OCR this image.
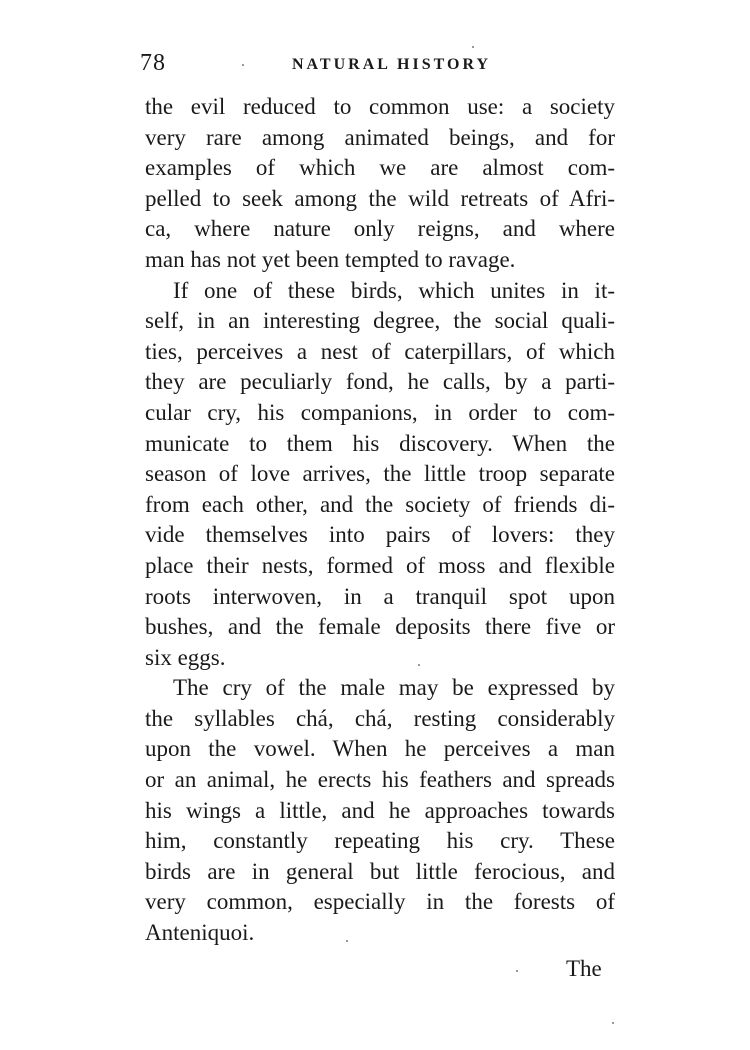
78	NATURAL HISTORY
the evil reduced to common use: a society
very rare among animated beings, and for
examples of which we are almost com-
pelled to seek among the wild retreats of Afri-
ca, where nature only reigns, and where
man has not yet been tempted to ravage.
If one of these birds, which unites in it-
self, in an interesting degree, the social quali-
ties, perceives a nest of caterpillars, of which
they are peculiarly fond, he calls, by a parti-
cular cry, his companions, in order to com-
municate to them his discovery. When the
season of love arrives, the little troop separate
from each other, and the society of friends di-
vide themselves into pairs of lovers: they
place their nests, formed of moss and flexible
roots interwoven, in a tranquil spot upon
bushes, and the female deposits there five or
six eggs.
The cry of the male may be expressed by
the syllables chá, chá, resting considerably
upon the vowel. When he perceives a man
or an animal, he erects his feathers and spreads
his wings a little, and he approaches towards
him, constantly repeating his cry. These
birds are in general but little ferocious, and
very common, especially in the forests of
Anteniquoi.
The
